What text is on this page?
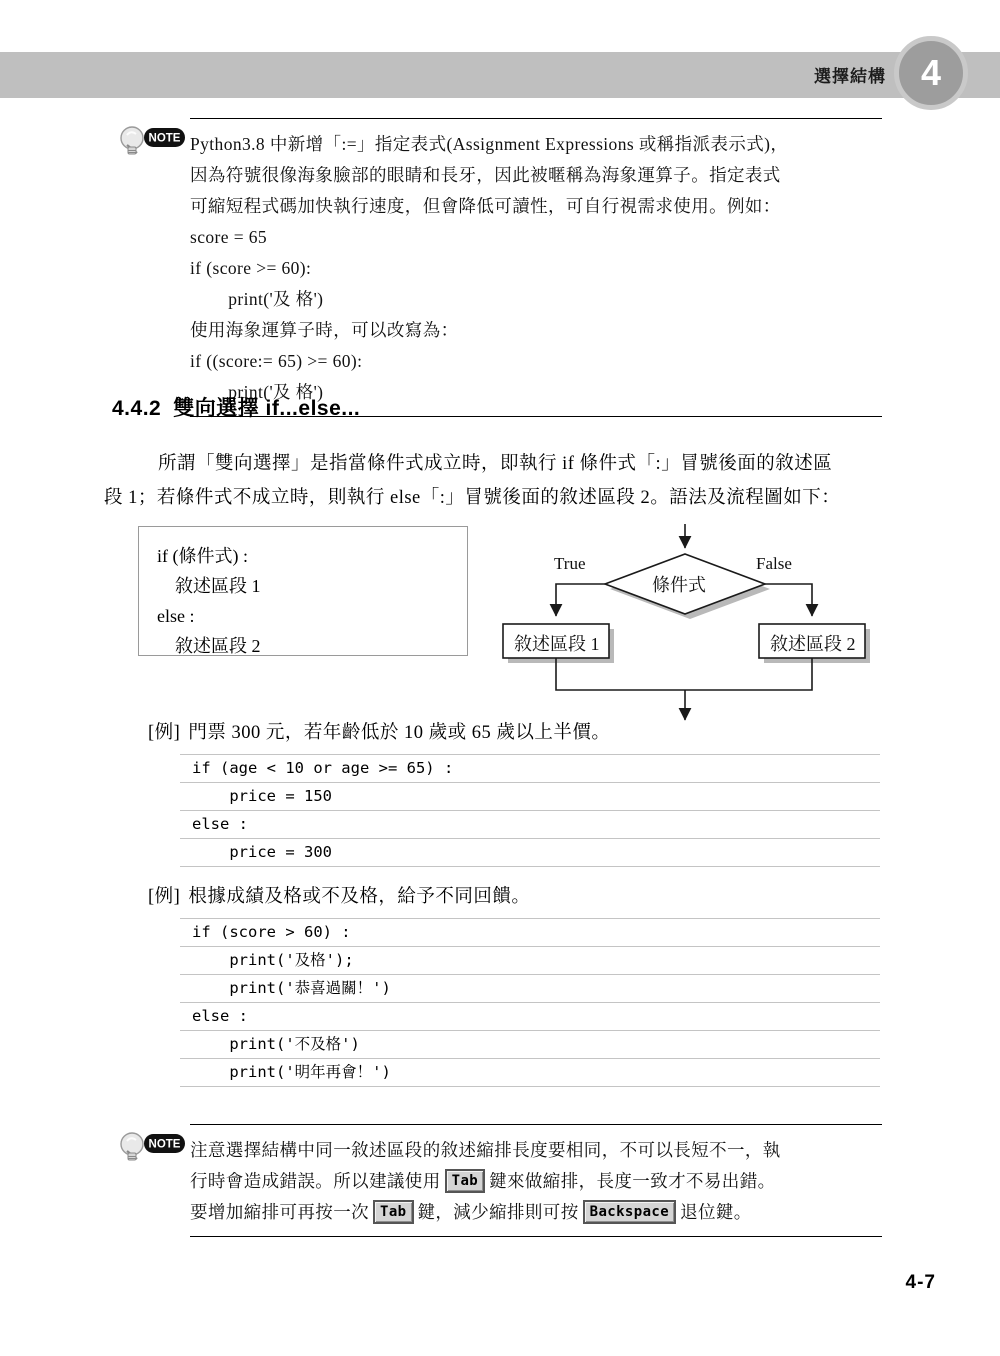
選擇結構 4
NOTE Python3.8 中新增「:=」指定表式(Assignment Expressions 或稱指派表示式)，
因為符號很像海象臉部的眼睛和長牙，因此被暱稱為海象運算子。指定表式
可縮短程式碼加快執行速度，但會降低可讀性，可自行視需求使用。例如：
score = 65
if (score >= 60):
print('及 格')
使用海象運算子時，可以改寫為：
if ((score:= 65) >= 60):
print('及 格')
4.4.2 雙向選擇 if...else...
所謂「雙向選擇」是指當條件式成立時，即執行 if 條件式「:」冒號後面的敘述區
段 1；若條件式不成立時，則執行 else「:」冒號後面的敘述區段 2。語法及流程圖如下：
if (條件式) :
敘述區段 1
else :
敘述區段 2
True	False
條件式
敘述區段 1	敘述區段 2
[例] 門票 300 元，若年齡低於 10 歲或 65 歲以上半價。
if (age < 10 or age >= 65) :
price = 150
else :
price = 300
[例] 根據成績及格或不及格，給予不同回饋。
if (score > 60) :
print('及格');
print('恭喜過關！')
else :
print('不及格')
print('明年再會！')
NOTE 注意選擇結構中同一敘述區段的敘述縮排長度要相同，不可以長短不一，執
行時會造成錯誤。所以建議使用 Tab 鍵來做縮排，長度一致才不易出錯。
要增加縮排可再按一次 Tab 鍵，減少縮排則可按 Backspace 退位鍵。
4-7
